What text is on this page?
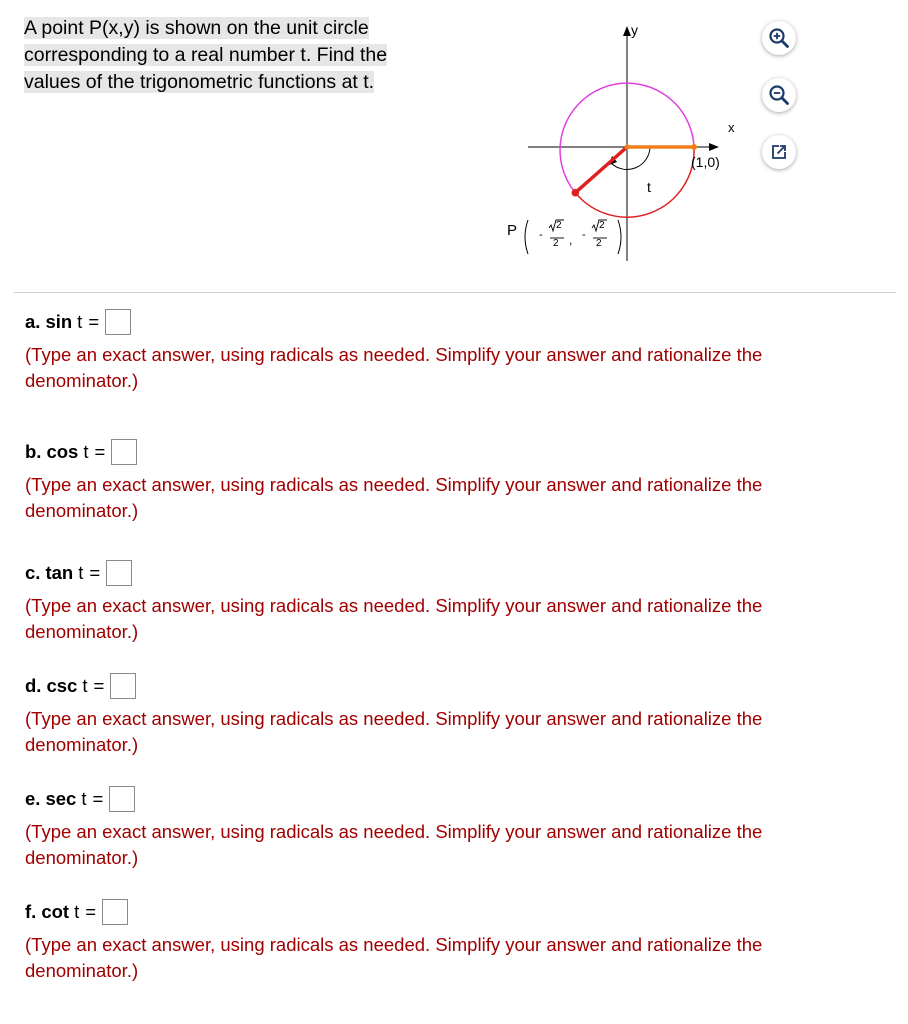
A point P(x,y) is shown on the unit circle
corresponding to a real number t. Find the
values of the trigonometric functions at t.
y
x
(1,0)
t
P -
2
2 , -
2
2
a. sin t =
(Type an exact answer, using radicals as needed. Simplify your answer and rationalize the denominator.)
b. cos t =
(Type an exact answer, using radicals as needed. Simplify your answer and rationalize the denominator.)
c. tan t =
(Type an exact answer, using radicals as needed. Simplify your answer and rationalize the denominator.)
d. csc t =
(Type an exact answer, using radicals as needed. Simplify your answer and rationalize the denominator.)
e. sec t =
(Type an exact answer, using radicals as needed. Simplify your answer and rationalize the denominator.)
f. cot t =
(Type an exact answer, using radicals as needed. Simplify your answer and rationalize the denominator.)
